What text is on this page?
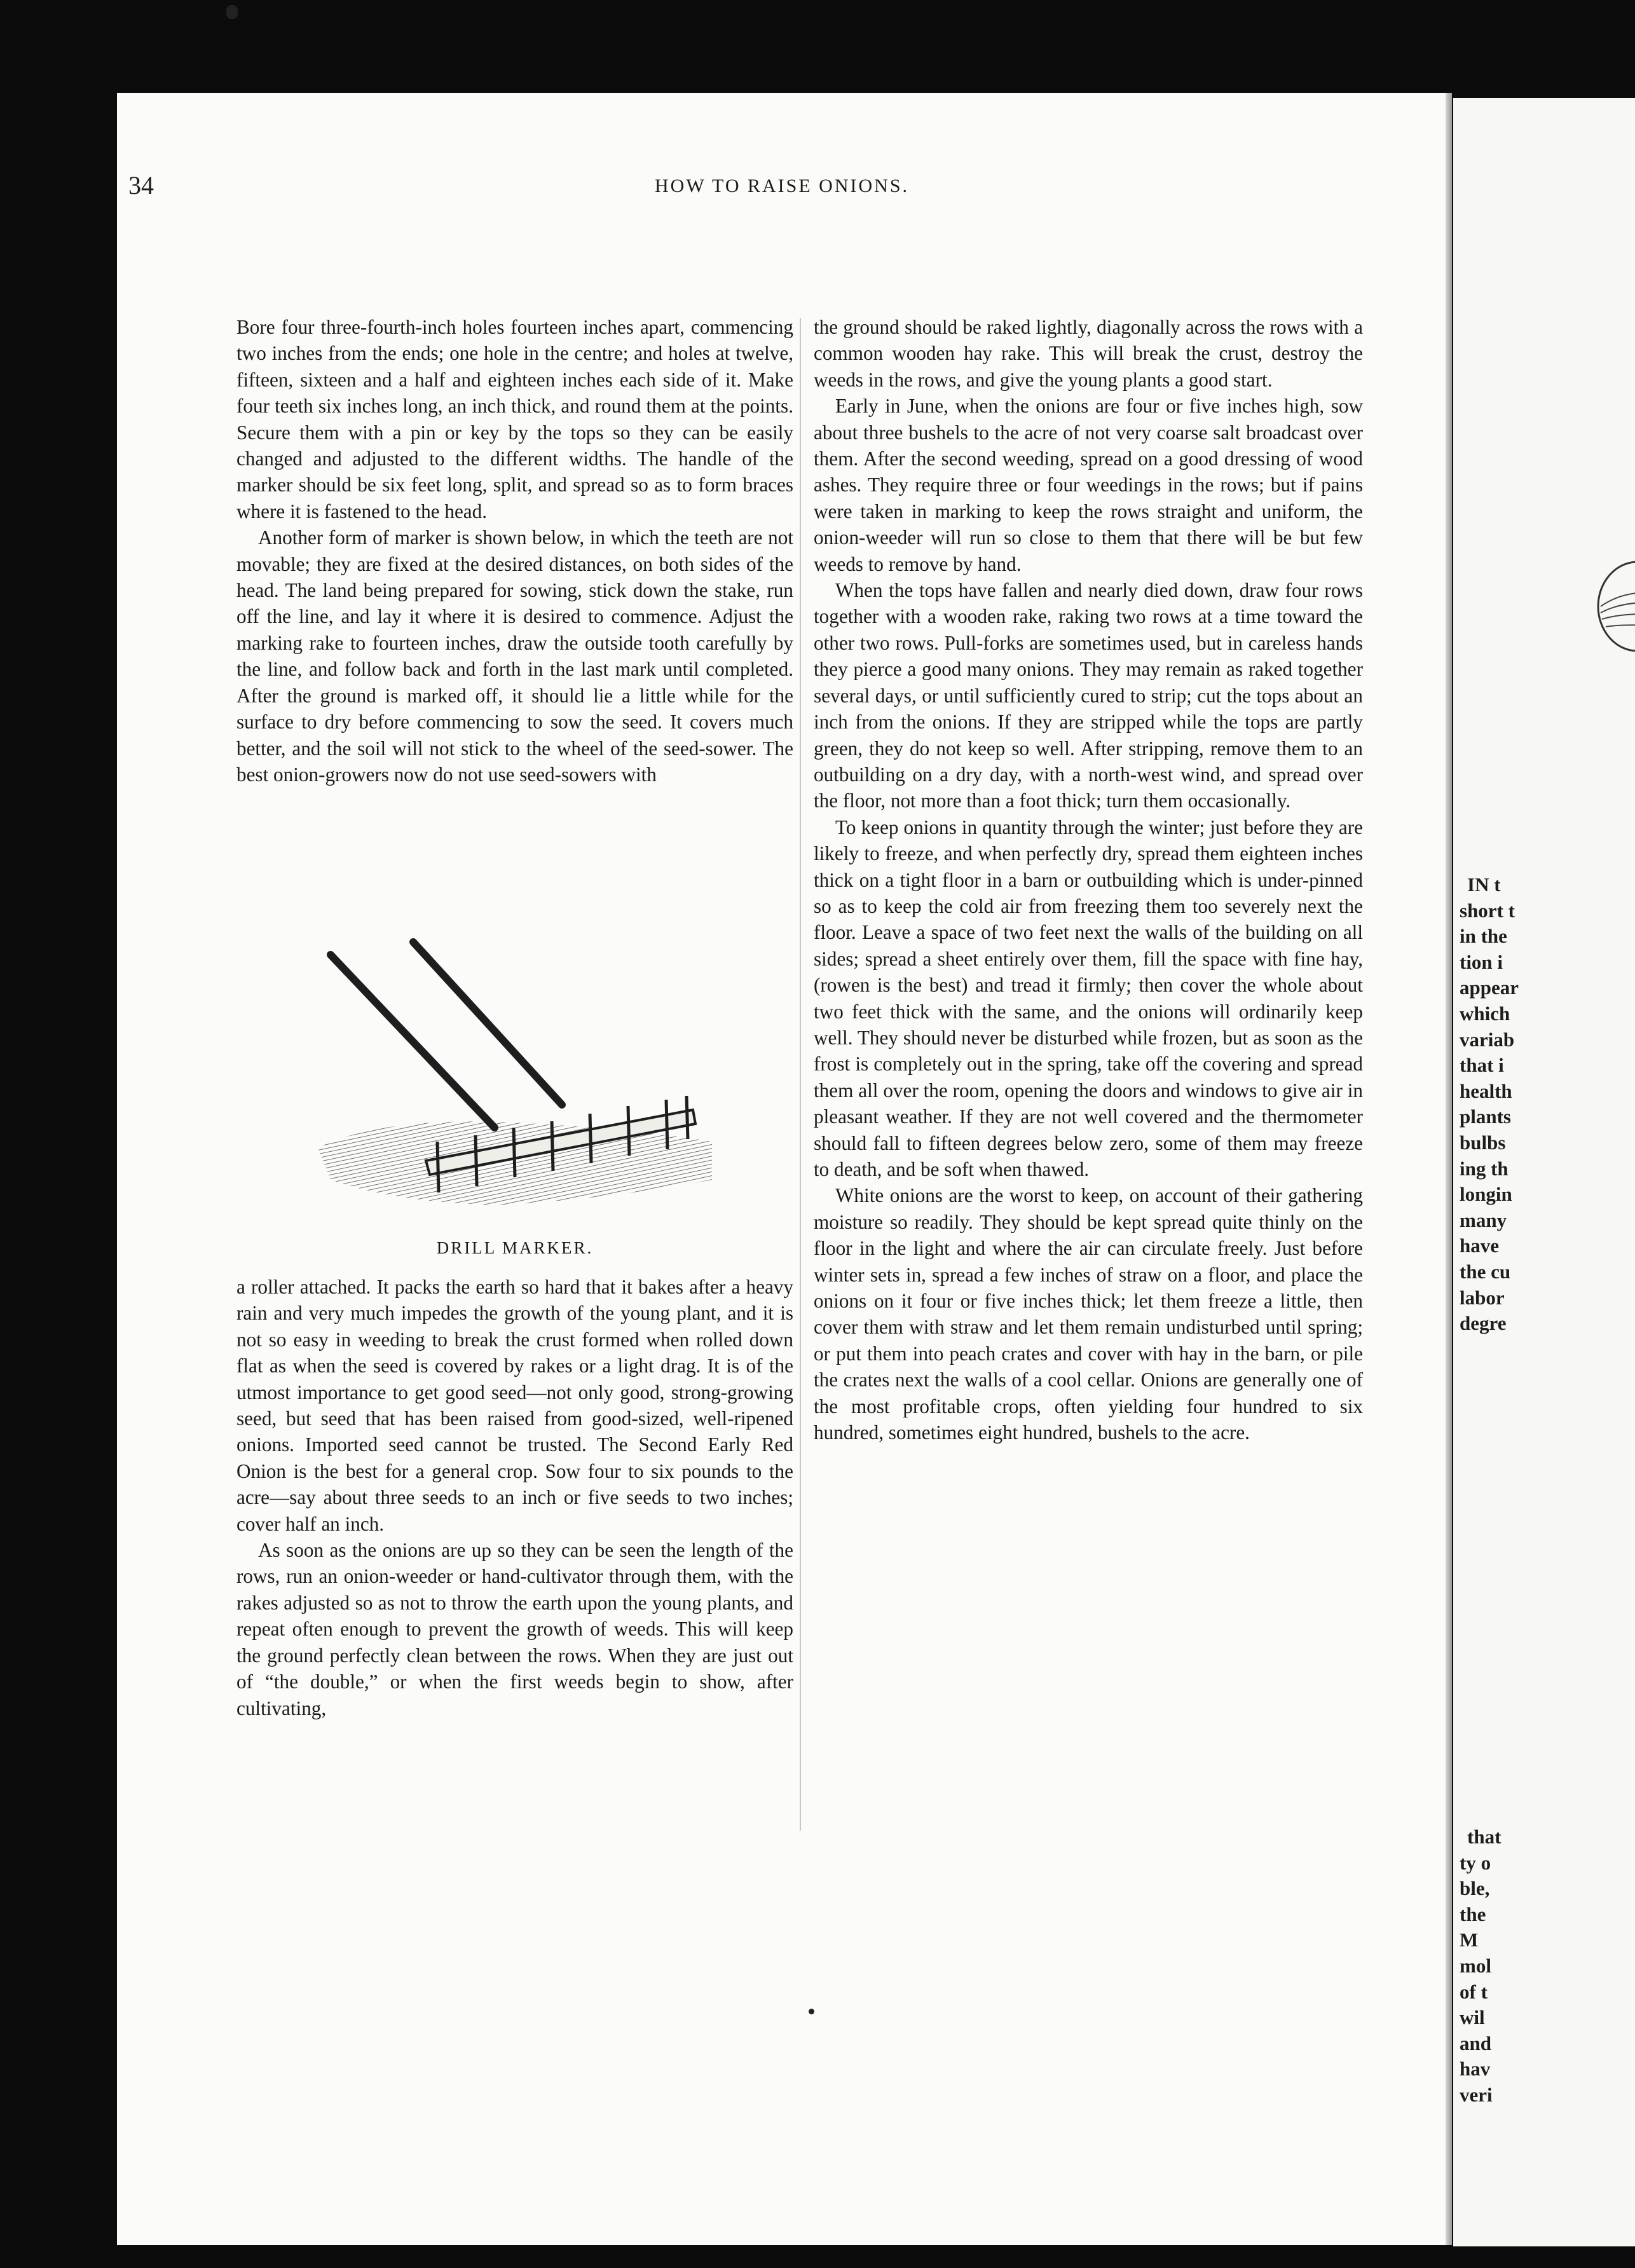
IN t
short t
in the
tion i
appear
which
variab
that i
health
plants
bulbs
ing th
longin
many
have
the cu
labor
degre
that
ty o
ble,
the
M
mol
of t
wil
and
hav
veri
34	HOW TO RAISE ONIONS.

Bore four three-fourth-inch holes fourteen inches apart, commencing two inches from the ends; one hole in the centre; and holes at twelve, fifteen, sixteen and a half and eighteen inches each side of it. Make four teeth six inches long, an inch thick, and round them at the points. Secure them with a pin or key by the tops so they can be easily changed and adjusted to the different widths. The handle of the marker should be six feet long, split, and spread so as to form braces where it is fastened to the head.

Another form of marker is shown below, in which the teeth are not movable; they are fixed at the desired distances, on both sides of the head. The land being prepared for sowing, stick down the stake, run off the line, and lay it where it is desired to commence. Adjust the marking rake to fourteen inches, draw the outside tooth carefully by the line, and follow back and forth in the last mark until completed. After the ground is marked off, it should lie a little while for the surface to dry before commencing to sow the seed. It covers much better, and the soil will not stick to the wheel of the seed-sower. The best onion-growers now do not use seed-sowers with

DRILL MARKER.

a roller attached. It packs the earth so hard that it bakes after a heavy rain and very much impedes the growth of the young plant, and it is not so easy in weeding to break the crust formed when rolled down flat as when the seed is covered by rakes or a light drag. It is of the utmost importance to get good seed—not only good, strong-growing seed, but seed that has been raised from good-sized, well-ripened onions. Imported seed cannot be trusted. The Second Early Red Onion is the best for a general crop. Sow four to six pounds to the acre—say about three seeds to an inch or five seeds to two inches; cover half an inch.

As soon as the onions are up so they can be seen the length of the rows, run an onion-weeder or hand-cultivator through them, with the rakes adjusted so as not to throw the earth upon the young plants, and repeat often enough to prevent the growth of weeds. This will keep the ground perfectly clean between the rows. When they are just out of “the double,” or when the first weeds begin to show, after cultivating,

the ground should be raked lightly, diagonally across the rows with a common wooden hay rake. This will break the crust, destroy the weeds in the rows, and give the young plants a good start.

Early in June, when the onions are four or five inches high, sow about three bushels to the acre of not very coarse salt broadcast over them. After the second weeding, spread on a good dressing of wood ashes. They require three or four weedings in the rows; but if pains were taken in marking to keep the rows straight and uniform, the onion-weeder will run so close to them that there will be but few weeds to remove by hand.

When the tops have fallen and nearly died down, draw four rows together with a wooden rake, raking two rows at a time toward the other two rows. Pull-forks are sometimes used, but in careless hands they pierce a good many onions. They may remain as raked together several days, or until sufficiently cured to strip; cut the tops about an inch from the onions. If they are stripped while the tops are partly green, they do not keep so well. After stripping, remove them to an outbuilding on a dry day, with a north-west wind, and spread over the floor, not more than a foot thick; turn them occasionally.

To keep onions in quantity through the winter; just before they are likely to freeze, and when perfectly dry, spread them eighteen inches thick on a tight floor in a barn or outbuilding which is under-pinned so as to keep the cold air from freezing them too severely next the floor. Leave a space of two feet next the walls of the building on all sides; spread a sheet entirely over them, fill the space with fine hay, (rowen is the best) and tread it firmly; then cover the whole about two feet thick with the same, and the onions will ordinarily keep well. They should never be disturbed while frozen, but as soon as the frost is completely out in the spring, take off the covering and spread them all over the room, opening the doors and windows to give air in pleasant weather. If they are not well covered and the thermometer should fall to fifteen degrees below zero, some of them may freeze to death, and be soft when thawed.

White onions are the worst to keep, on account of their gathering moisture so readily. They should be kept spread quite thinly on the floor in the light and where the air can circulate freely. Just before winter sets in, spread a few inches of straw on a floor, and place the onions on it four or five inches thick; let them freeze a little, then cover them with straw and let them remain undisturbed until spring; or put them into peach crates and cover with hay in the barn, or pile the crates next the walls of a cool cellar. Onions are generally one of the most profitable crops, often yielding four hundred to six hundred, sometimes eight hundred, bushels to the acre.
